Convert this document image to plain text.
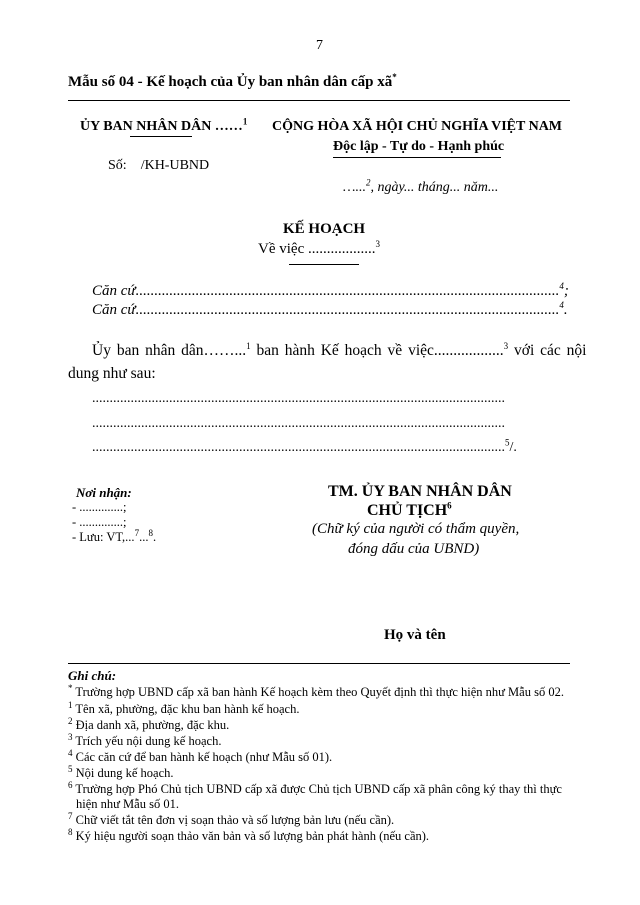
7
Mẫu số 04 - Kế hoạch của Ủy ban nhân dân cấp xã*
ỦY BAN NHÂN DÂN ……$^1$
Số: /KH-UBND
CỘNG HÒA XÃ HỘI CHỦ NGHĨA VIỆT NAM
Độc lập - Tự do - Hạnh phúc
…...$^2$, ngày... tháng... năm...
KẾ HOẠCH
Về việc ..................$^3$
Căn cứ.................................................................................................................$^4$;
Căn cứ.................................................................................................................$^4$.
Ủy ban nhân dân……...$^1$ ban hành Kế hoạch về việc..................$^3$ với các nội
dung như sau:
......................................................................................................................
......................................................................................................................
......................................................................................................................$^5$/.
Nơi nhận:
- ..............;
- ..............;
- Lưu: VT,...$^7$...$^8$.
TM. ỦY BAN NHÂN DÂN
CHỦ TỊCH$^6$
(Chữ ký của người có thẩm quyền,
đóng dấu của UBND)
Họ và tên
Ghi chú:
* Trường hợp UBND cấp xã ban hành Kế hoạch kèm theo Quyết định thì thực hiện như Mẫu số 02.
$^1$ Tên xã, phường, đặc khu ban hành kế hoạch.
$^2$ Địa danh xã, phường, đặc khu.
$^3$ Trích yếu nội dung kế hoạch.
$^4$ Các căn cứ để ban hành kế hoạch (như Mẫu số 01).
$^5$ Nội dung kế hoạch.
$^6$ Trường hợp Phó Chủ tịch UBND cấp xã được Chủ tịch UBND cấp xã phân công ký thay thì thực
hiện như Mẫu số 01.
$^7$ Chữ viết tắt tên đơn vị soạn thảo và số lượng bản lưu (nếu cần).
$^8$ Ký hiệu người soạn thảo văn bản và số lượng bản phát hành (nếu cần).
